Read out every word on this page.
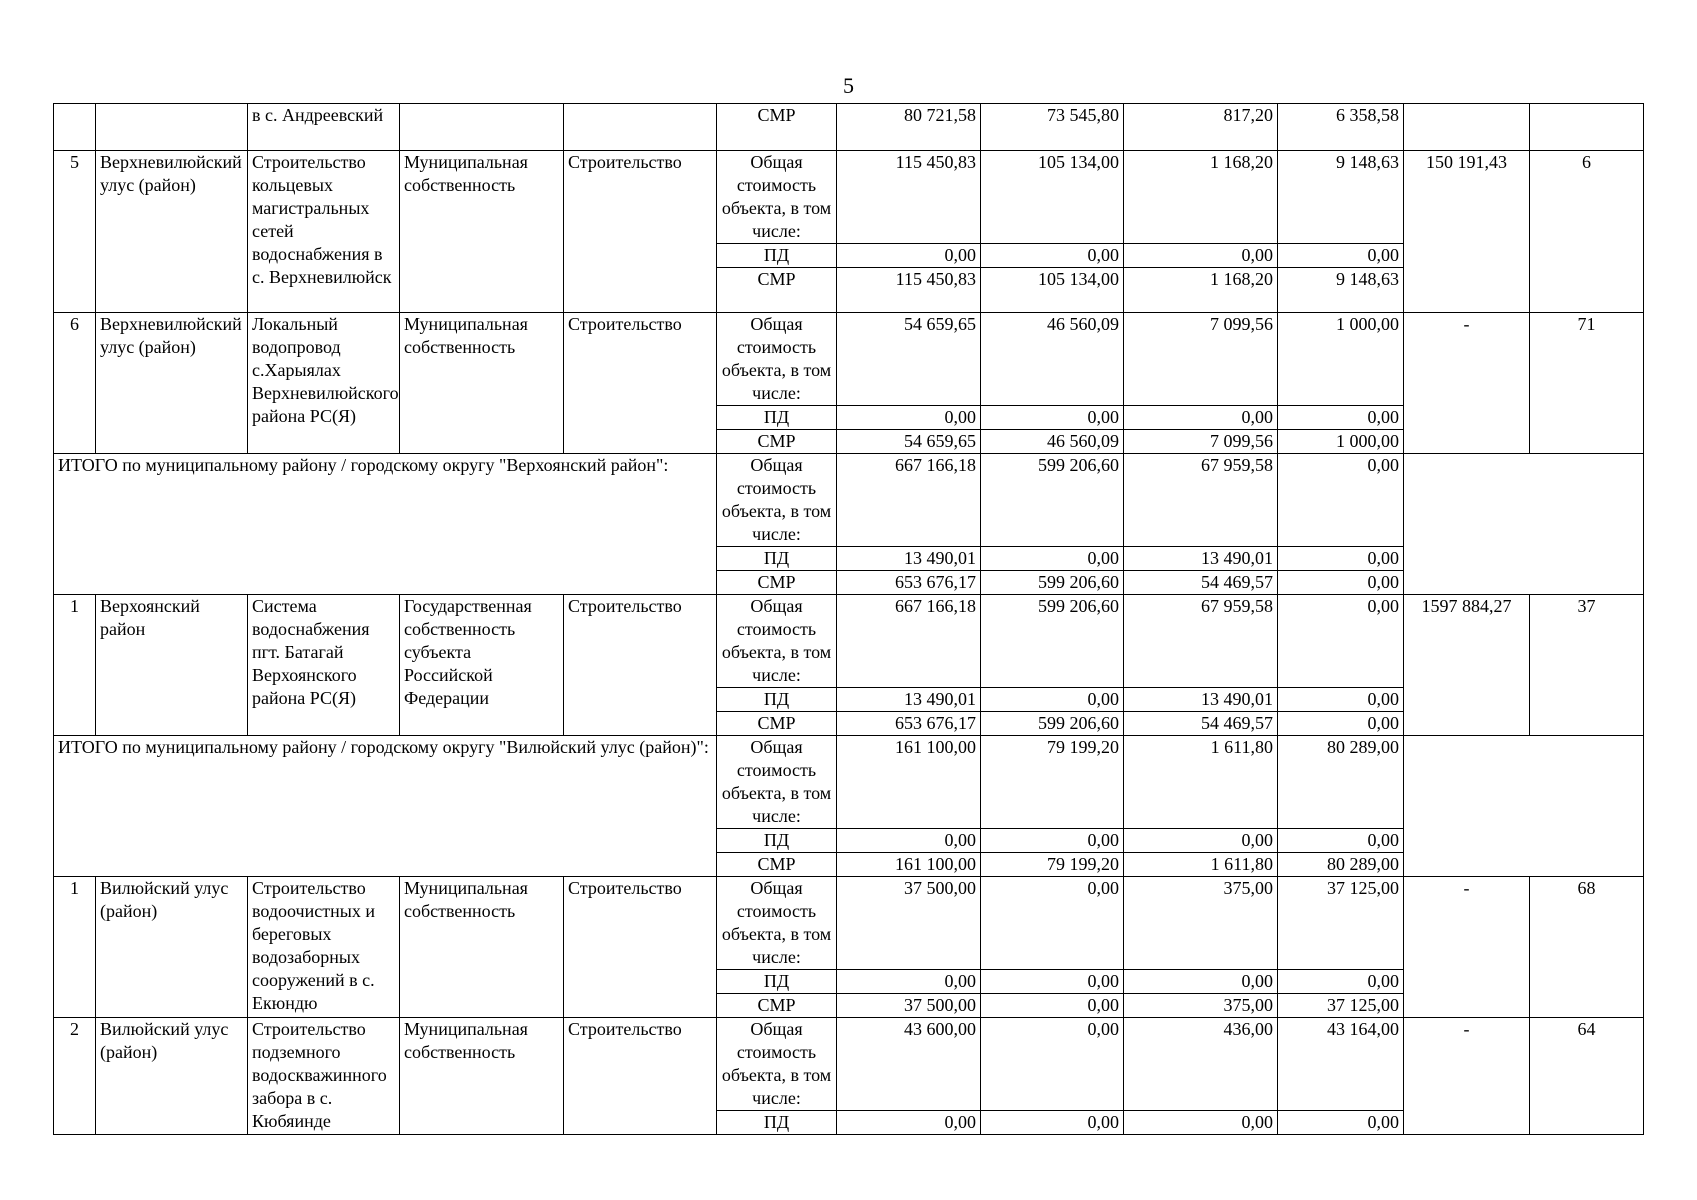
5
		в с. Андреевский			СМР	80 721,58	73 545,80	817,20	6 358,58		
5	Верхневилюйский улус (район)	Строительство кольцевых магистральных сетей водоснабжения в с. Верхневилюйск	Муниципальная собственность	Строительство	Общая стоимость объекта, в том числе:	115 450,83	105 134,00	1 168,20	9 148,63	150 191,43	6
					ПД	0,00	0,00	0,00	0,00		
					СМР	115 450,83	105 134,00	1 168,20	9 148,63		
6	Верхневилюйский улус (район)	Локальный водопровод с.Харыялах Верхневилюйского района РС(Я)	Муниципальная собственность	Строительство	Общая стоимость объекта, в том числе:	54 659,65	46 560,09	7 099,56	1 000,00	-	71
					ПД	0,00	0,00	0,00	0,00		
					СМР	54 659,65	46 560,09	7 099,56	1 000,00		
ИТОГО по муниципальному району / городскому округу "Верхоянский район":					Общая стоимость объекта, в том числе:	667 166,18	599 206,60	67 959,58	0,00		
					ПД	13 490,01	0,00	13 490,01	0,00		
					СМР	653 676,17	599 206,60	54 469,57	0,00		
1	Верхоянский район	Система водоснабжения пгт. Батагай Верхоянского района РС(Я)	Государственная собственность субъекта Российской Федерации	Строительство	Общая стоимость объекта, в том числе:	667 166,18	599 206,60	67 959,58	0,00	1597 884,27	37
					ПД	13 490,01	0,00	13 490,01	0,00		
					СМР	653 676,17	599 206,60	54 469,57	0,00		
ИТОГО по муниципальному району / городскому округу "Вилюйский улус (район)":					Общая стоимость объекта, в том числе:	161 100,00	79 199,20	1 611,80	80 289,00		
					ПД	0,00	0,00	0,00	0,00		
					СМР	161 100,00	79 199,20	1 611,80	80 289,00		
1	Вилюйский улус (район)	Строительство водоочистных и береговых водозаборных сооружений в с. Екюндю	Муниципальная собственность	Строительство	Общая стоимость объекта, в том числе:	37 500,00	0,00	375,00	37 125,00	-	68
					ПД	0,00	0,00	0,00	0,00		
					СМР	37 500,00	0,00	375,00	37 125,00		
2	Вилюйский улус (район)	Строительство подземного водоскважинного забора в с. Кюбяинде	Муниципальная собственность	Строительство	Общая стоимость объекта, в том числе:	43 600,00	0,00	436,00	43 164,00	-	64
					ПД	0,00	0,00	0,00	0,00		
